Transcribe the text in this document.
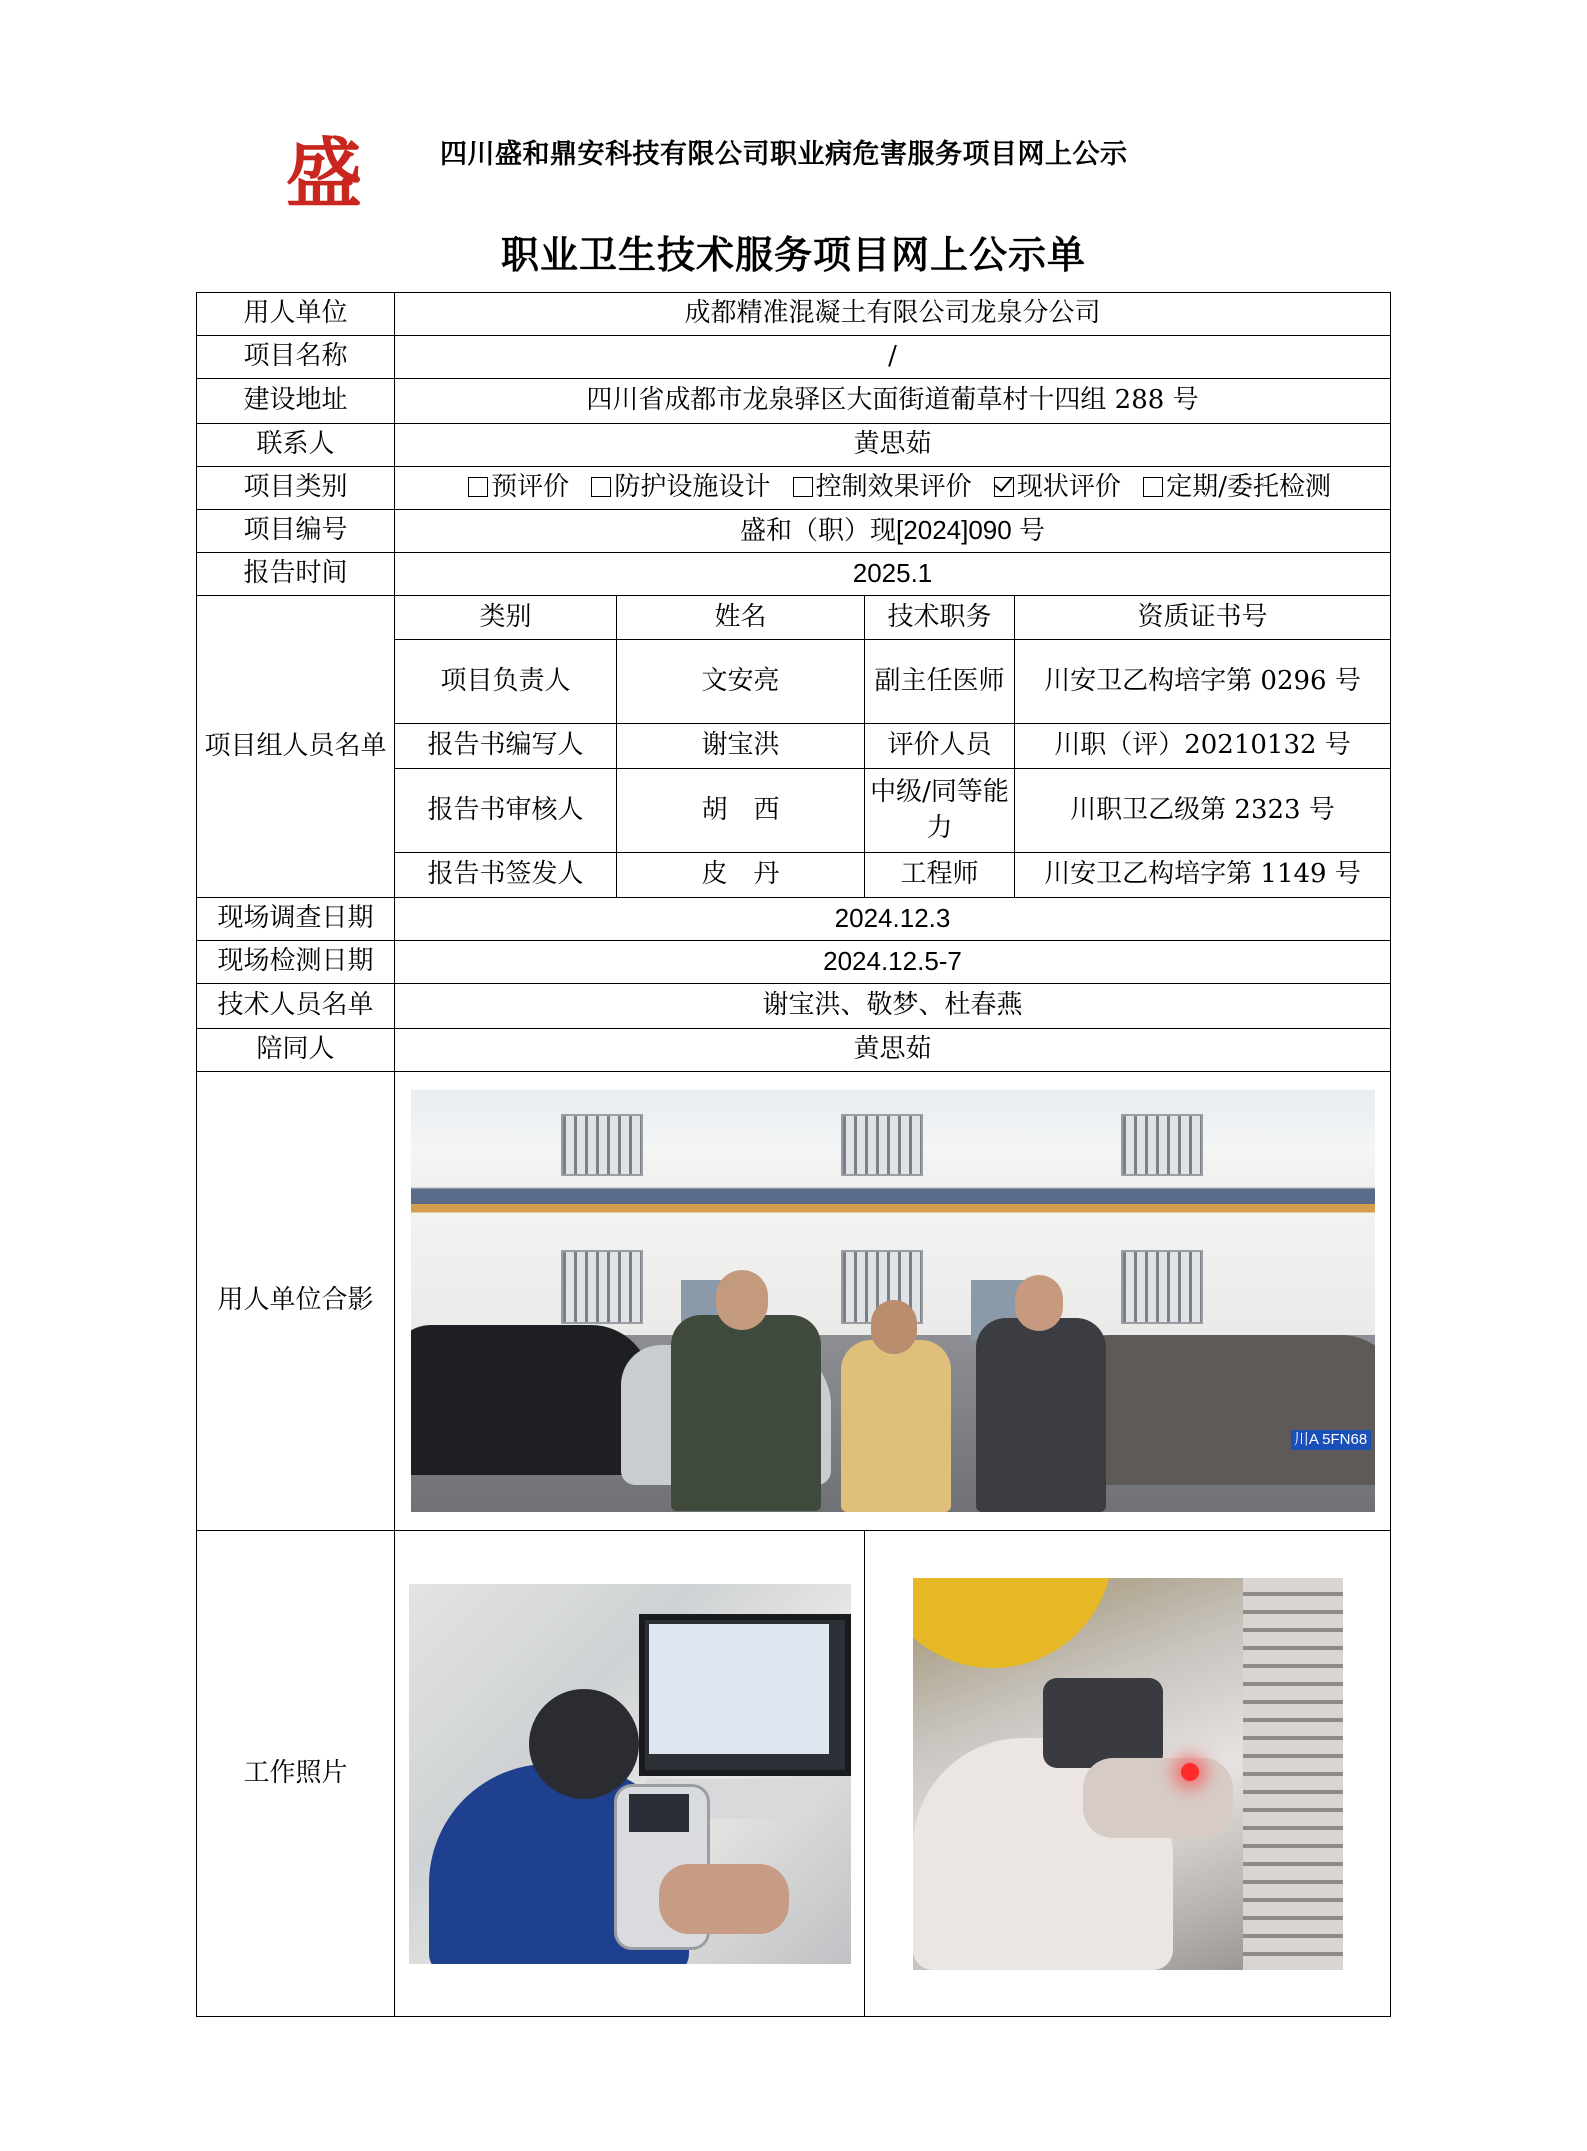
盛	四川盛和鼎安科技有限公司职业病危害服务项目网上公示
职业卫生技术服务项目网上公示单
用人单位	成都精准混凝土有限公司龙泉分公司			
项目名称	/			
建设地址	四川省成都市龙泉驿区大面街道葡草村十四组 288 号			
联系人	黄思茹			
项目类别	预评价 防护设施设计 控制效果评价 现状评价 定期/委托检测			
项目编号	盛和（职）现[2024]090 号			
报告时间	2025.1			
项目组人员名单	类别	姓名	技术职务	资质证书号
	项目负责人	文安亮	副主任医师	川安卫乙构培字第 0296 号
	报告书编写人	谢宝洪	评价人员	川职（评）20210132 号
	报告书审核人	胡　西	中级/同等能力	川职卫乙级第 2323 号
	报告书签发人	皮　丹	工程师	川安卫乙构培字第 1149 号
现场调查日期	2024.12.3			
现场检测日期	2024.12.5-7			
技术人员名单	谢宝洪、敬梦、杜春燕			
陪同人	黄思茹			
用人单位合影	川A 5FN68			

工作照片			
